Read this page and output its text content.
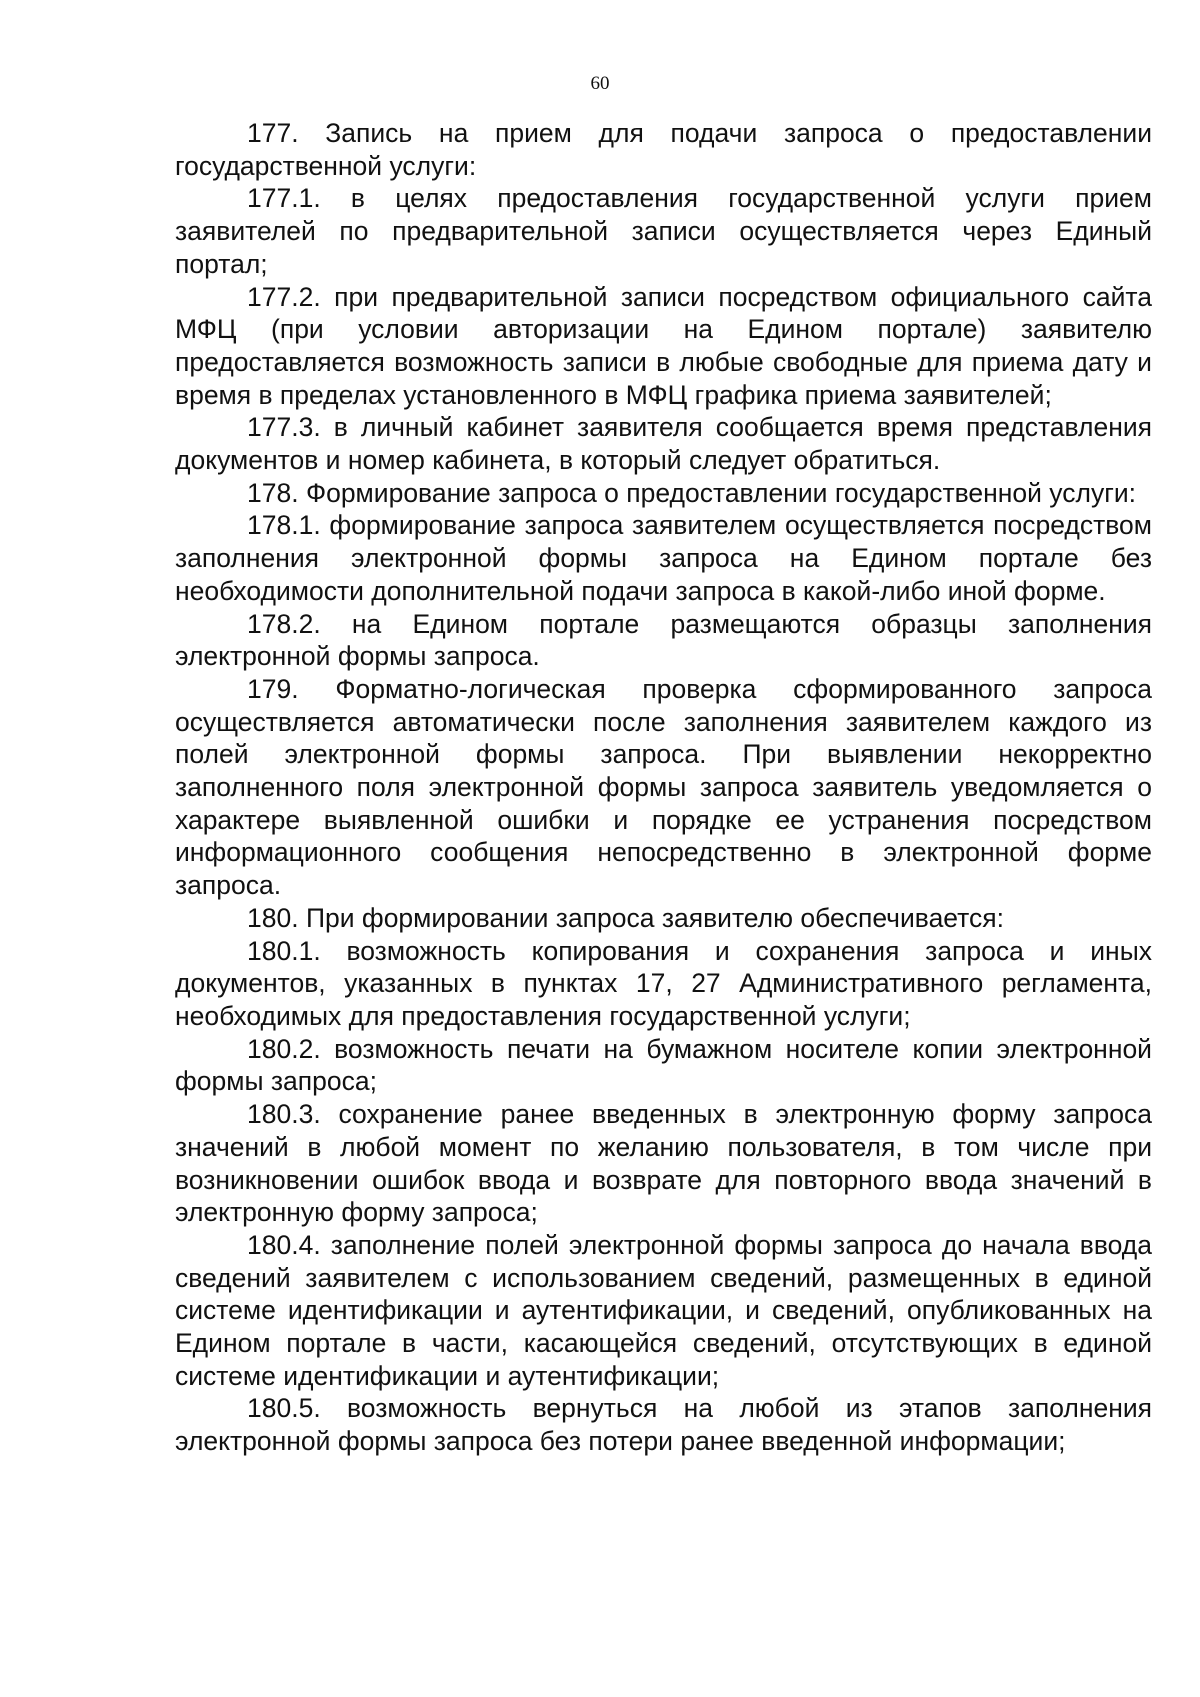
60

177. Запись на прием для подачи запроса о предоставлении государственной услуги:

177.1. в целях предоставления государственной услуги прием заявителей по предварительной записи осуществляется через Единый портал;

177.2. при предварительной записи посредством официального сайта МФЦ (при условии авторизации на Едином портале) заявителю предоставляется возможность записи в любые свободные для приема дату и время в пределах установленного в МФЦ графика приема заявителей;

177.3. в личный кабинет заявителя сообщается время представления документов и номер кабинета, в который следует обратиться.

178. Формирование запроса о предоставлении государственной услуги:

178.1. формирование запроса заявителем осуществляется посредством заполнения электронной формы запроса на Едином портале без необходимости дополнительной подачи запроса в какой-либо иной форме.

178.2. на Едином портале размещаются образцы заполнения электронной формы запроса.

179. Форматно-логическая проверка сформированного запроса осуществляется автоматически после заполнения заявителем каждого из полей электронной формы запроса. При выявлении некорректно заполненного поля электронной формы запроса заявитель уведомляется о характере выявленной ошибки и порядке ее устранения посредством информационного сообщения непосредственно в электронной форме запроса.

180. При формировании запроса заявителю обеспечивается:

180.1. возможность копирования и сохранения запроса и иных документов, указанных в пунктах 17, 27 Административного регламента, необходимых для предоставления государственной услуги;

180.2. возможность печати на бумажном носителе копии электронной формы запроса;

180.3. сохранение ранее введенных в электронную форму запроса значений в любой момент по желанию пользователя, в том числе при возникновении ошибок ввода и возврате для повторного ввода значений в электронную форму запроса;

180.4. заполнение полей электронной формы запроса до начала ввода сведений заявителем с использованием сведений, размещенных в единой системе идентификации и аутентификации, и сведений, опубликованных на Едином портале в части, касающейся сведений, отсутствующих в единой системе идентификации и аутентификации;

180.5. возможность вернуться на любой из этапов заполнения электронной формы запроса без потери ранее введенной информации;
